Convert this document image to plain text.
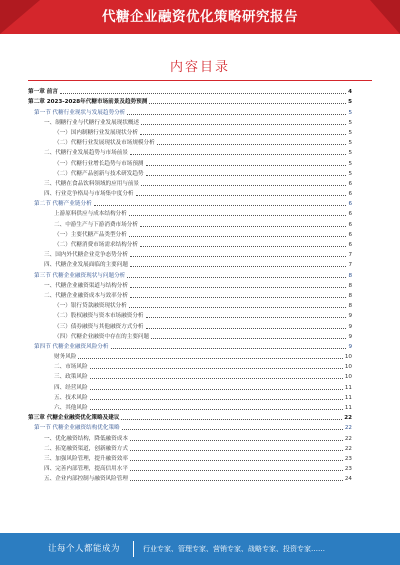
代糖企业融资优化策略研究报告
内容目录
第一章 前言	4
第二章 2023-2028年代糖市场前景及趋势预测	5
第一节 代糖行业现状与发展趋势分析	5
一、制糖行业与代糖行业发展现状概述	5
（一）国内制糖行业发展现状分析	5
（二）代糖行业发展现状及市场规模分析	5
二、代糖行业发展趋势与市场前景	5
（一）代糖行业增长趋势与市场预测	5
（二）代糖产品创新与技术研发趋势	5
三、代糖在食品饮料领域的应用与前景	6
四、行业竞争格局与市场集中度分析	6
第二节 代糖产业链分析	6
上游原料供应与成本结构分析	6
二、中游生产与下游消费市场分析	6
（一）主要代糖产品类型分析	6
（二）代糖消费市场需求结构分析	6
三、国内外代糖企业竞争态势分析	7
四、代糖企业发展面临的主要问题	7
第三节 代糖企业融资现状与问题分析	8
一、代糖企业融资渠道与结构分析	8
二、代糖企业融资成本与效率分析	8
（一）银行贷款融资现状分析	8
（二）股权融资与资本市场融资分析	9
（三）债券融资与其他融资方式分析	9
（四）代糖企业融资中存在的主要问题	9
第四节 代糖企业融资风险分析	9
财务风险	10
二、市场风险	10
三、政策风险	10
四、经营风险	11
五、技术风险	11
六、其他风险	11
第三章 代糖企业融资优化策略及建议	22
第一节 代糖企业融资结构优化策略	22
一、优化融资结构，降低融资成本	22
二、拓宽融资渠道，创新融资方式	22
三、加强风险管理，提升融资效率	23
四、完善内部管理，提高信用水平	23
五、企业内部控制与融资风险管理	24
让每个人都能成为	行业专家、管理专家、营销专家、战略专家、投资专家……
